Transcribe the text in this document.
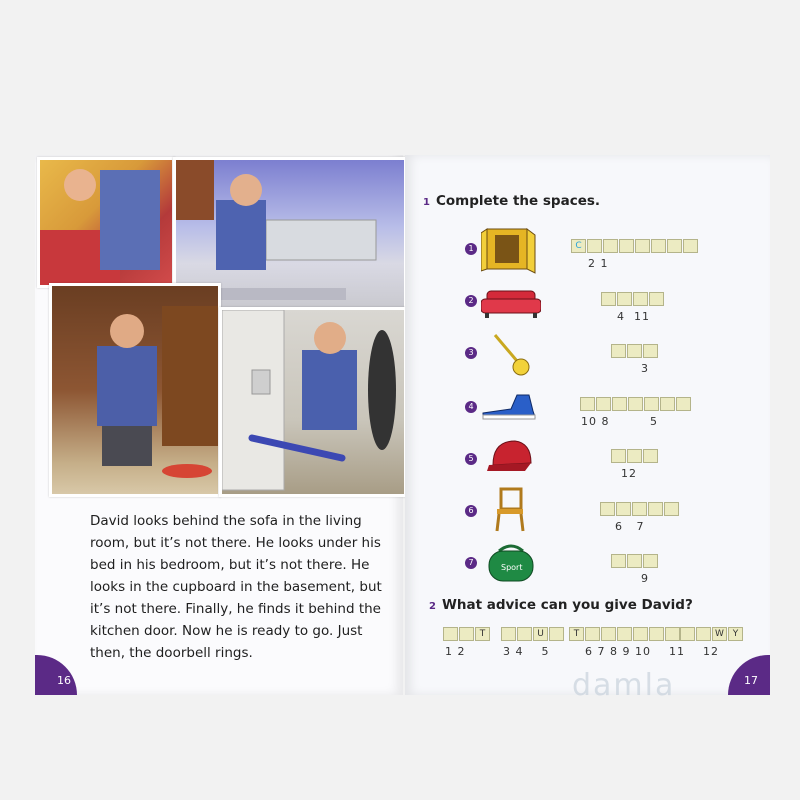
David looks behind the sofa in the living room, but it’s not there. He looks under his bed in his bedroom, but it’s not there. He looks in the cupboard in the basement, but it’s not there. Finally, he finds it behind the kitchen door. Now he is ready to go. Just then, the doorbell rings.
16
1 Complete the spaces.
1	C
2 1
2
4  11
3
3
4
10 8         5
5
12
6
6   7
7
Sport
9
2 What advice can you give David?
T
1 2
U
3 4    5
T
6 7 8 9 10
W Y
11    12
17
damla
